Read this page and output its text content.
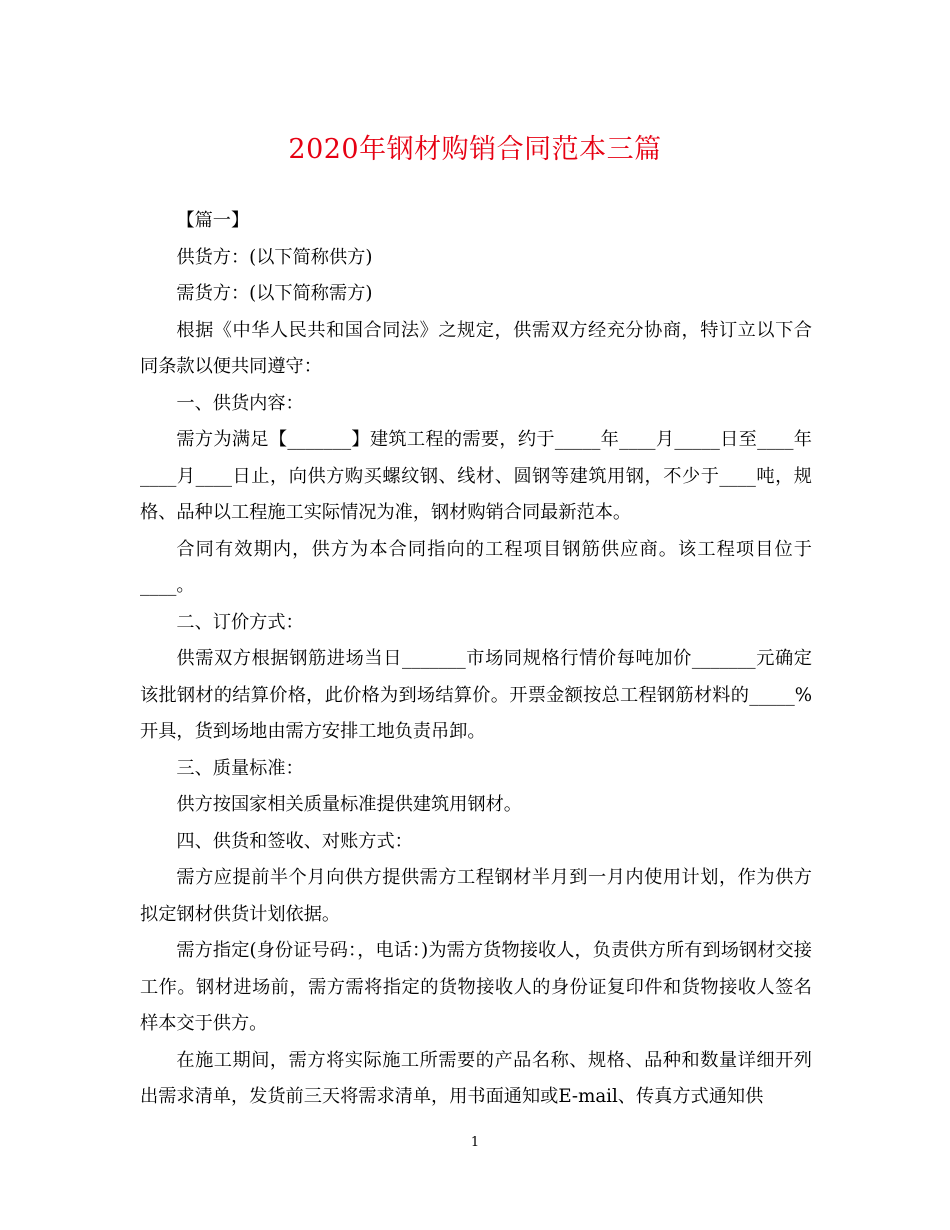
2020年钢材购销合同范本三篇

【篇一】

供货方：(以下简称供方)

需货方：(以下简称需方)

根据《中华人民共和国合同法》之规定，供需双方经充分协商，特订立以下合同条款以便共同遵守：

一、供货内容：

需方为满足【_______】建筑工程的需要，约于_____年____月_____日至____年____月____日止，向供方购买螺纹钢、线材、圆钢等建筑用钢，不少于____吨，规格、品种以工程施工实际情况为准，钢材购销合同最新范本。

合同有效期内，供方为本合同指向的工程项目钢筋供应商。该工程项目位于____。

二、订价方式：

供需双方根据钢筋进场当日_______市场同规格行情价每吨加价_______元确定该批钢材的结算价格，此价格为到场结算价。开票金额按总工程钢筋材料的_____%开具，货到场地由需方安排工地负责吊卸。

三、质量标准：

供方按国家相关质量标准提供建筑用钢材。

四、供货和签收、对账方式：

需方应提前半个月向供方提供需方工程钢材半月到一月内使用计划，作为供方拟定钢材供货计划依据。

需方指定(身份证号码：，电话：)为需方货物接收人，负责供方所有到场钢材交接工作。钢材进场前，需方需将指定的货物接收人的身份证复印件和货物接收人签名样本交于供方。

在施工期间，需方将实际施工所需要的产品名称、规格、品种和数量详细开列出需求清单，发货前三天将需求清单，用书面通知或E-mail、传真方式通知供

1
